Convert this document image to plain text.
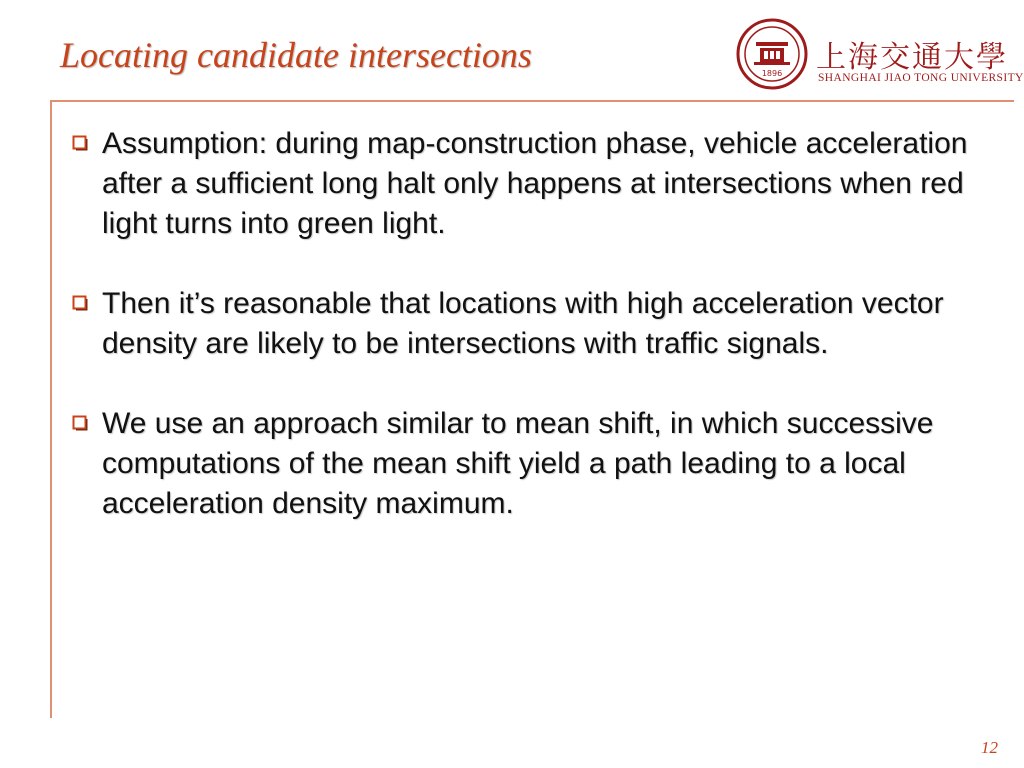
Locating candidate intersections	1896 上海交通大學
SHANGHAI JIAO TONG UNIVERSITY
Assumption: during map-construction phase, vehicle acceleration after a sufficient long halt only happens at intersections when red light turns into green light.
Then it’s reasonable that locations with high acceleration vector density are likely to be intersections with traffic signals.
We use an approach similar to mean shift, in which successive computations of the mean shift yield a path leading to a local acceleration density maximum.
12
